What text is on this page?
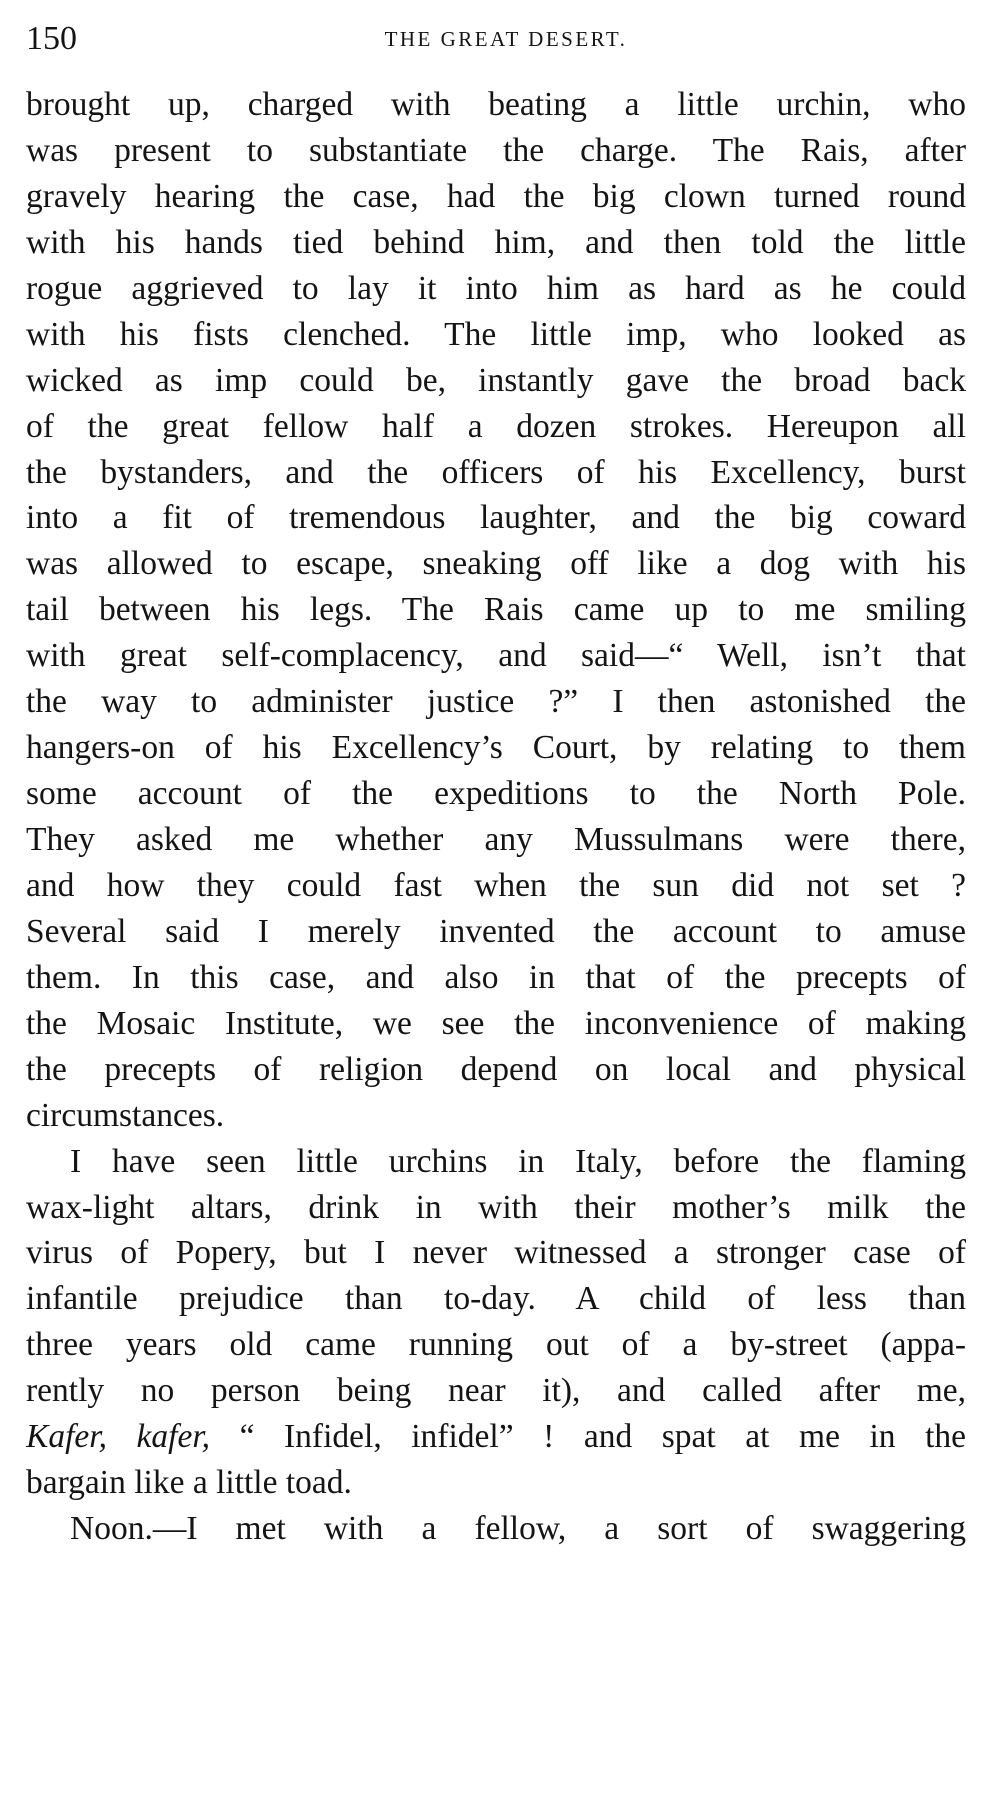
150	THE GREAT DESERT.
brought up, charged with beating a little urchin, who
was present to substantiate the charge. The Rais, after
gravely hearing the case, had the big clown turned round
with his hands tied behind him, and then told the little
rogue aggrieved to lay it into him as hard as he could
with his fists clenched. The little imp, who looked as
wicked as imp could be, instantly gave the broad back
of the great fellow half a dozen strokes. Hereupon all
the bystanders, and the officers of his Excellency, burst
into a fit of tremendous laughter, and the big coward
was allowed to escape, sneaking off like a dog with his
tail between his legs. The Rais came up to me smiling
with great self-complacency, and said—“ Well, isn’t that
the way to administer justice ?” I then astonished the
hangers-on of his Excellency’s Court, by relating to them
some account of the expeditions to the North Pole.
They asked me whether any Mussulmans were there,
and how they could fast when the sun did not set ?
Several said I merely invented the account to amuse
them. In this case, and also in that of the precepts of
the Mosaic Institute, we see the inconvenience of making
the precepts of religion depend on local and physical
circumstances.
I have seen little urchins in Italy, before the flaming
wax-light altars, drink in with their mother’s milk the
virus of Popery, but I never witnessed a stronger case of
infantile prejudice than to-day. A child of less than
three years old came running out of a by-street (appa-
rently no person being near it), and called after me,
Kafer, kafer, “ Infidel, infidel” ! and spat at me in the
bargain like a little toad.
Noon.—I met with a fellow, a sort of swaggering
